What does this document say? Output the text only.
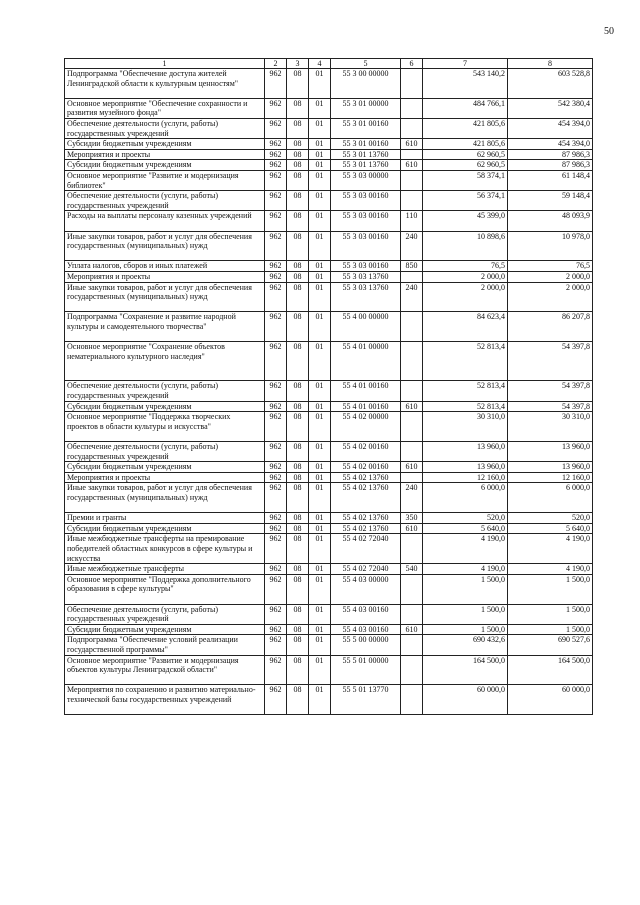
50
1	2	3	4	5	6	7	8
Подпрограмма "Обеспечение доступа жителей Ленинградской области к культурным ценностям"	962	08	01	55 3 00 00000		543 140,2	603 528,8
Основное мероприятие "Обеспечение сохранности и развития музейного фонда"	962	08	01	55 3 01 00000		484 766,1	542 380,4
Обеспечение деятельности (услуги, работы) государственных учреждений	962	08	01	55 3 01 00160		421 805,6	454 394,0
Субсидии бюджетным учреждениям	962	08	01	55 3 01 00160	610	421 805,6	454 394,0
Мероприятия и проекты	962	08	01	55 3 01 13760		62 960,5	87 986,3
Субсидии бюджетным учреждениям	962	08	01	55 3 01 13760	610	62 960,5	87 986,3
Основное мероприятие "Развитие и модернизация библиотек"	962	08	01	55 3 03 00000		58 374,1	61 148,4
Обеспечение деятельности (услуги, работы) государственных учреждений	962	08	01	55 3 03 00160		56 374,1	59 148,4
Расходы на выплаты персоналу казенных учреждений	962	08	01	55 3 03 00160	110	45 399,0	48 093,9
Иные закупки товаров, работ и услуг для обеспечения государственных (муниципальных) нужд	962	08	01	55 3 03 00160	240	10 898,6	10 978,0
Уплата налогов, сборов и иных платежей	962	08	01	55 3 03 00160	850	76,5	76,5
Мероприятия и проекты	962	08	01	55 3 03 13760		2 000,0	2 000,0
Иные закупки товаров, работ и услуг для обеспечения государственных (муниципальных) нужд	962	08	01	55 3 03 13760	240	2 000,0	2 000,0
Подпрограмма "Сохранение и развитие народной культуры и самодеятельного творчества"	962	08	01	55 4 00 00000		84 623,4	86 207,8
Основное мероприятие "Сохранение объектов нематериального культурного наследия"	962	08	01	55 4 01 00000		52 813,4	54 397,8
Обеспечение деятельности (услуги, работы) государственных учреждений	962	08	01	55 4 01 00160		52 813,4	54 397,8
Субсидии бюджетным учреждениям	962	08	01	55 4 01 00160	610	52 813,4	54 397,8
Основное мероприятие "Поддержка творческих проектов в области культуры и искусства"	962	08	01	55 4 02 00000		30 310,0	30 310,0
Обеспечение деятельности (услуги, работы) государственных учреждений	962	08	01	55 4 02 00160		13 960,0	13 960,0
Субсидии бюджетным учреждениям	962	08	01	55 4 02 00160	610	13 960,0	13 960,0
Мероприятия и проекты	962	08	01	55 4 02 13760		12 160,0	12 160,0
Иные закупки товаров, работ и услуг для обеспечения государственных (муниципальных) нужд	962	08	01	55 4 02 13760	240	6 000,0	6 000,0
Премии и гранты	962	08	01	55 4 02 13760	350	520,0	520,0
Субсидии бюджетным учреждениям	962	08	01	55 4 02 13760	610	5 640,0	5 640,0
Иные межбюджетные трансферты на премирование победителей областных конкурсов в сфере культуры и искусства	962	08	01	55 4 02 72040		4 190,0	4 190,0
Иные межбюджетные трансферты	962	08	01	55 4 02 72040	540	4 190,0	4 190,0
Основное мероприятие "Поддержка дополнительного образования в сфере культуры"	962	08	01	55 4 03 00000		1 500,0	1 500,0
Обеспечение деятельности (услуги, работы) государственных учреждений	962	08	01	55 4 03 00160		1 500,0	1 500,0
Субсидии бюджетным учреждениям	962	08	01	55 4 03 00160	610	1 500,0	1 500,0
Подпрограмма "Обеспечение условий реализации государственной программы"	962	08	01	55 5 00 00000		690 432,6	690 527,6
Основное мероприятие "Развитие и модернизация объектов культуры Ленинградской области"	962	08	01	55 5 01 00000		164 500,0	164 500,0
Мероприятия по сохранению и развитию материально-технической базы государственных учреждений	962	08	01	55 5 01 13770		60 000,0	60 000,0
